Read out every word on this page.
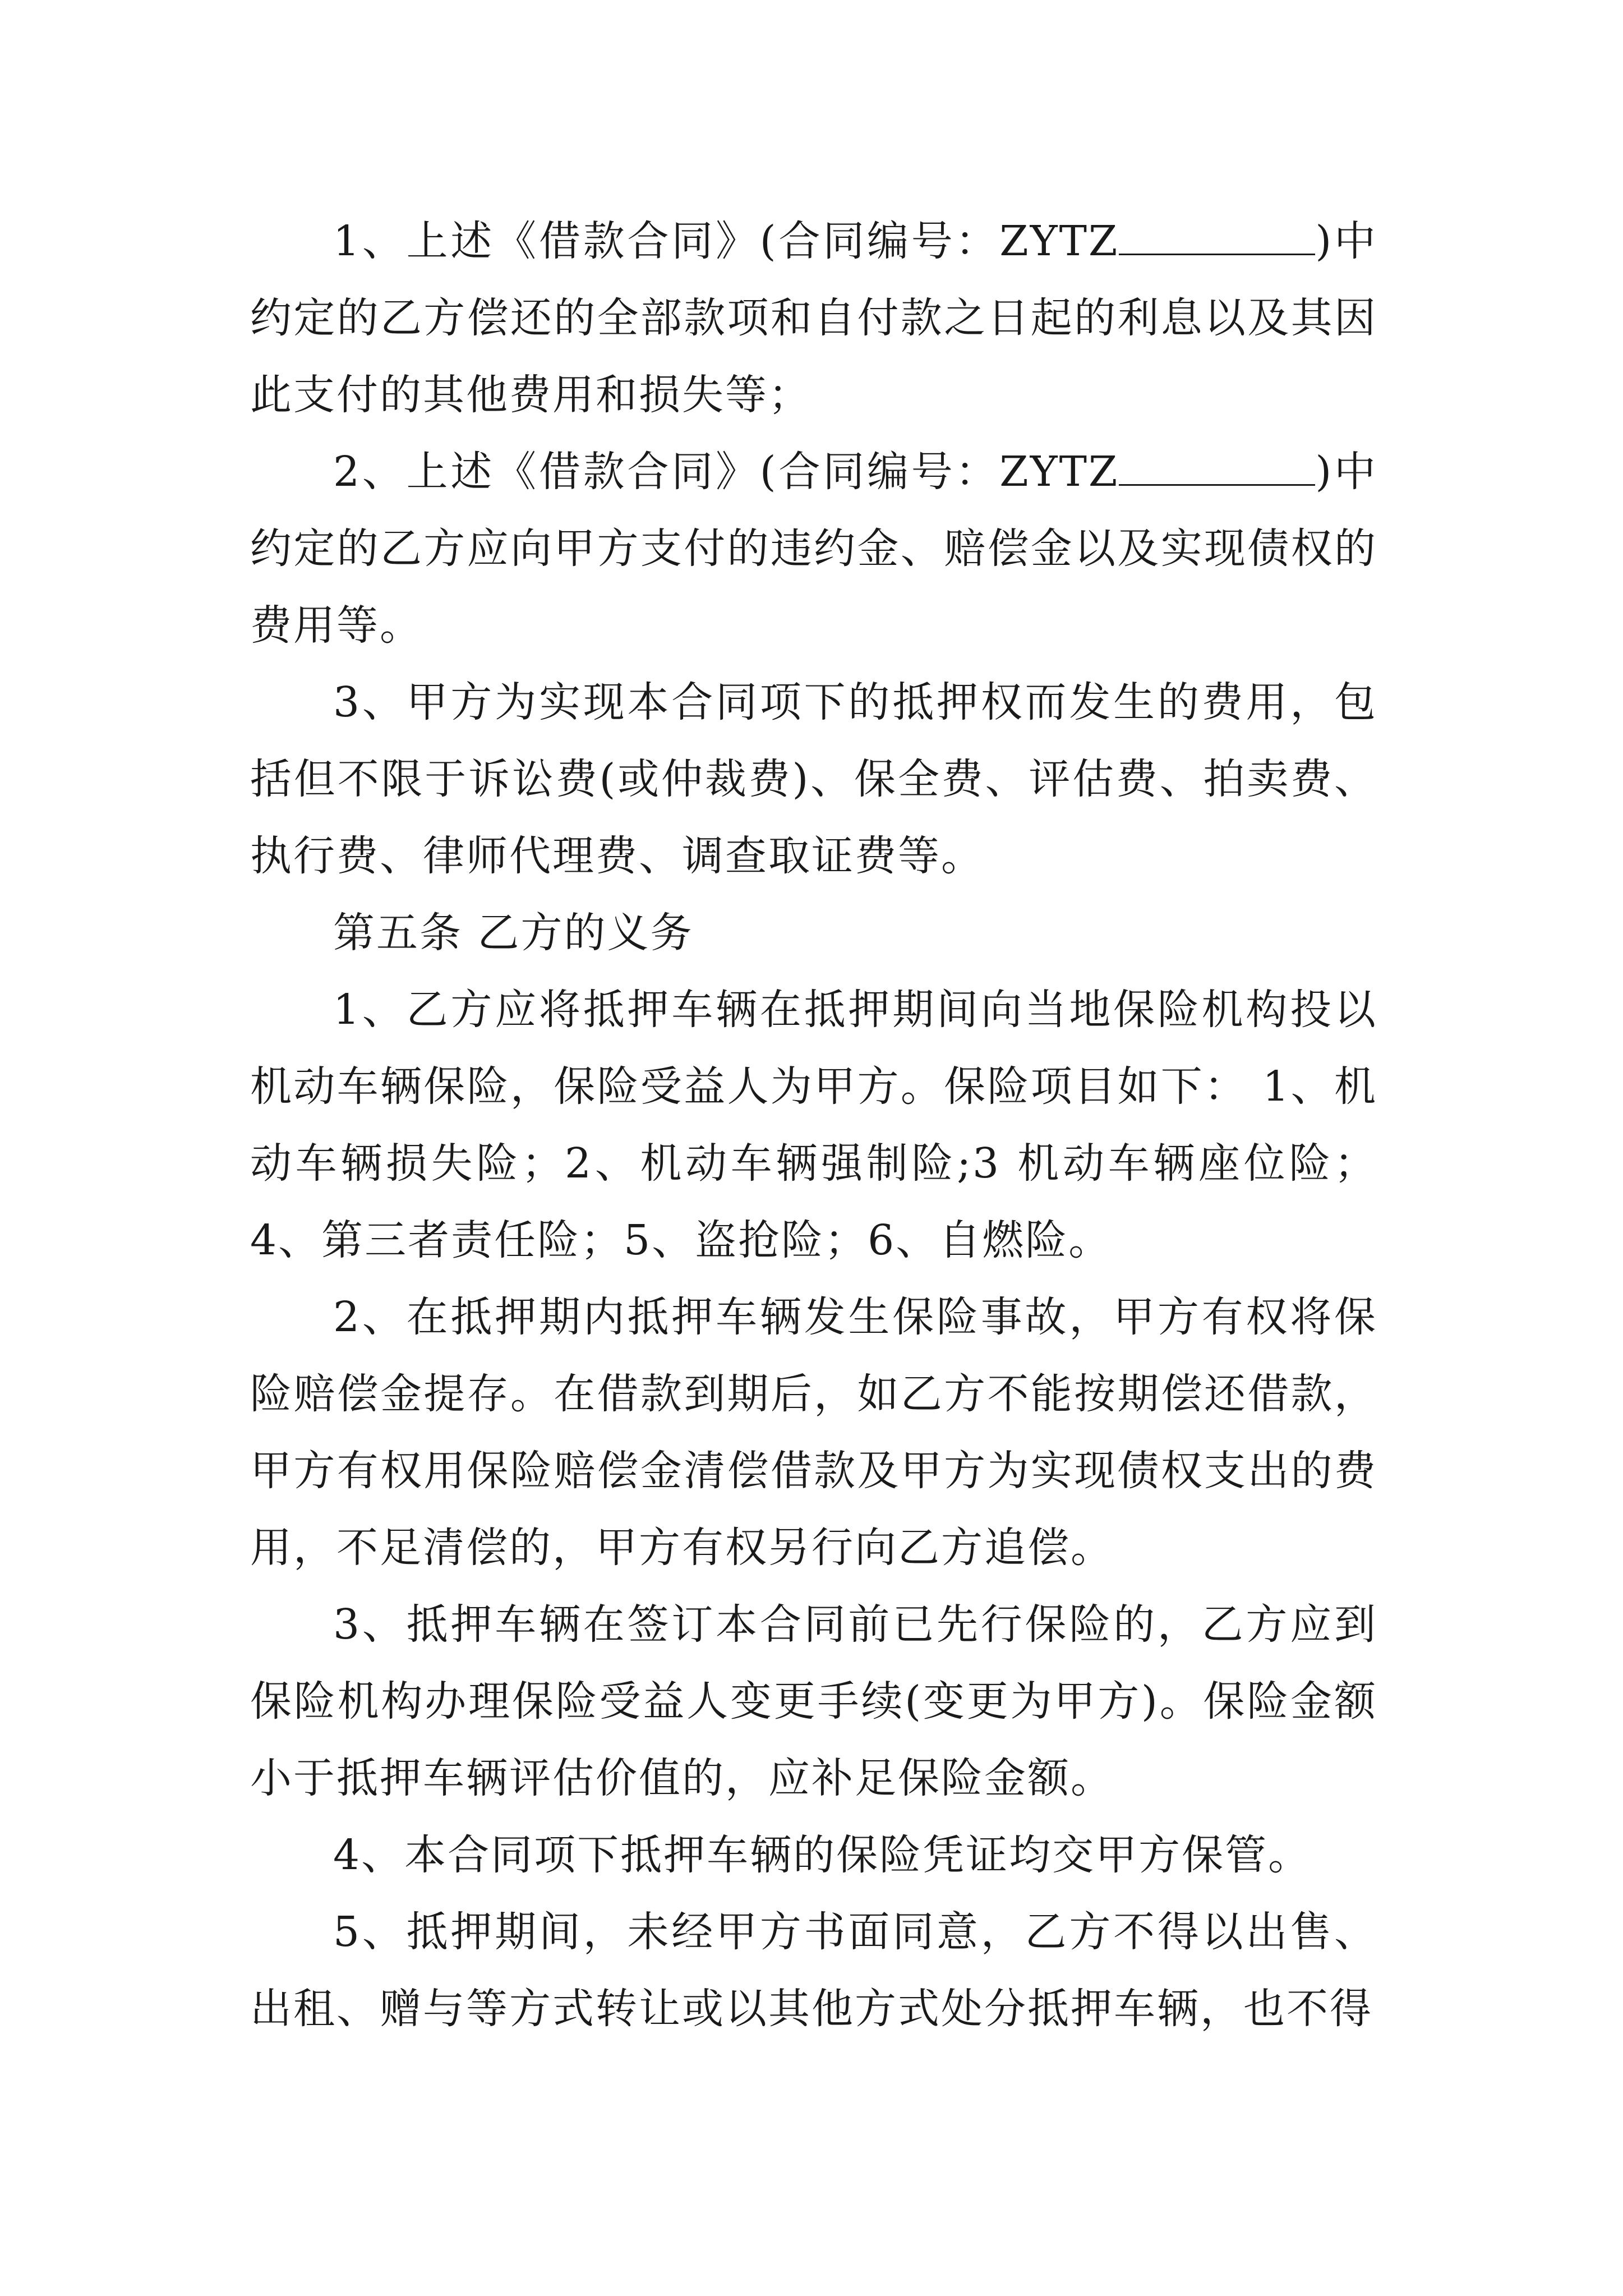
1、上述《借款合同》(合同编号：ZYTZ	)中约定的乙方偿还的全部款项和自付款之日起的利息以及其因此支付的其他费用和损失等；

2、上述《借款合同》(合同编号：ZYTZ	)中约定的乙方应向甲方支付的违约金、赔偿金以及实现债权的费用等。

3、甲方为实现本合同项下的抵押权而发生的费用，包括但不限于诉讼费(或仲裁费)、保全费、评估费、拍卖费、执行费、律师代理费、调查取证费等。

第五条 乙方的义务

1、乙方应将抵押车辆在抵押期间向当地保险机构投以机动车辆保险，保险受益人为甲方。保险项目如下： 1、机动车辆损失险；2、机动车辆强制险;3 机动车辆座位险；4、第三者责任险；5、盗抢险；6、自燃险。

2、在抵押期内抵押车辆发生保险事故，甲方有权将保险赔偿金提存。在借款到期后，如乙方不能按期偿还借款，甲方有权用保险赔偿金清偿借款及甲方为实现债权支出的费用，不足清偿的，甲方有权另行向乙方追偿。

3、抵押车辆在签订本合同前已先行保险的，乙方应到保险机构办理保险受益人变更手续(变更为甲方)。保险金额小于抵押车辆评估价值的，应补足保险金额。

4、本合同项下抵押车辆的保险凭证均交甲方保管。

5、抵押期间，未经甲方书面同意，乙方不得以出售、出租、赠与等方式转让或以其他方式处分抵押车辆，也不得
